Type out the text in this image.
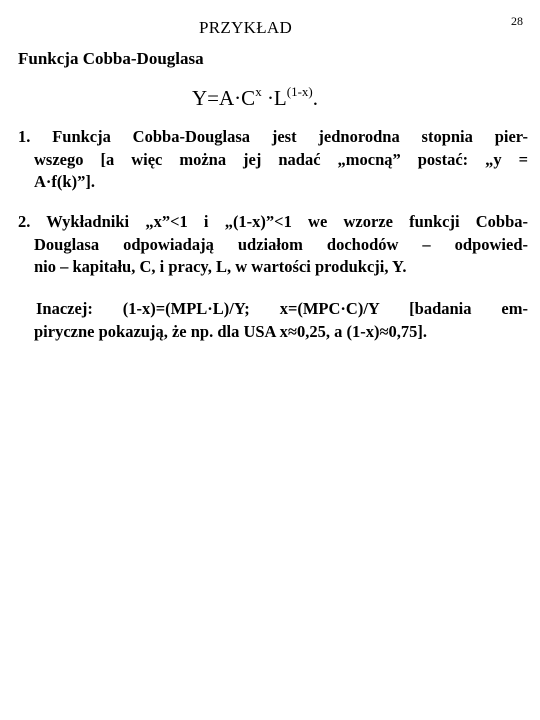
28
PRZYKŁAD
Funkcja Cobba-Douglasa
$Y=A\cdot C^x \cdot L^{(1-x)}$.
1. Funkcja Cobba-Douglasa jest jednorodna stopnia pier-
wszego [a więc można jej nadać „mocną” postać: „y =
A·f(k)”].
2. Wykładniki „x”<1 i „(1-x)”<1 we wzorze funkcji Cobba-
Douglasa odpowiadają udziałom dochodów – odpowied-
nio – kapitału, C, i pracy, L, w wartości produkcji, Y.
Inaczej: (1-x)=(MPL·L)/Y; x=(MPC·C)/Y [badania em-
piryczne pokazują, że np. dla USA x≈0,25, a (1-x)≈0,75].
